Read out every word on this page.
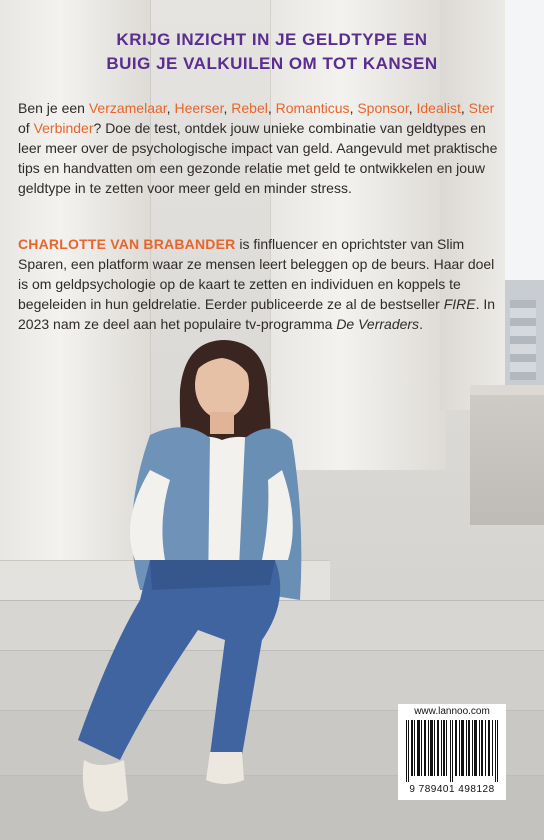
KRIJG INZICHT IN JE GELDTYPE EN
BUIG JE VALKUILEN OM TOT KANSEN
Ben je een Verzamelaar, Heerser, Rebel, Romanticus, Sponsor, Idealist, Ster of Verbinder? Doe de test, ontdek jouw unieke combinatie van geldtypes en leer meer over de psychologische impact van geld. Aangevuld met praktische tips en handvatten om een gezonde relatie met geld te ontwikkelen en jouw geldtype in te zetten voor meer geld en minder stress.
CHARLOTTE VAN BRABANDER is finfluencer en oprichtster van Slim Sparen, een platform waar ze mensen leert beleggen op de beurs. Haar doel is om geldpsychologie op de kaart te zetten en individuen en koppels te begeleiden in hun geldrelatie. Eerder publiceerde ze al de bestseller FIRE. In 2023 nam ze deel aan het populaire tv-programma De Verraders.
www.lannoo.com
9 789401 498128
